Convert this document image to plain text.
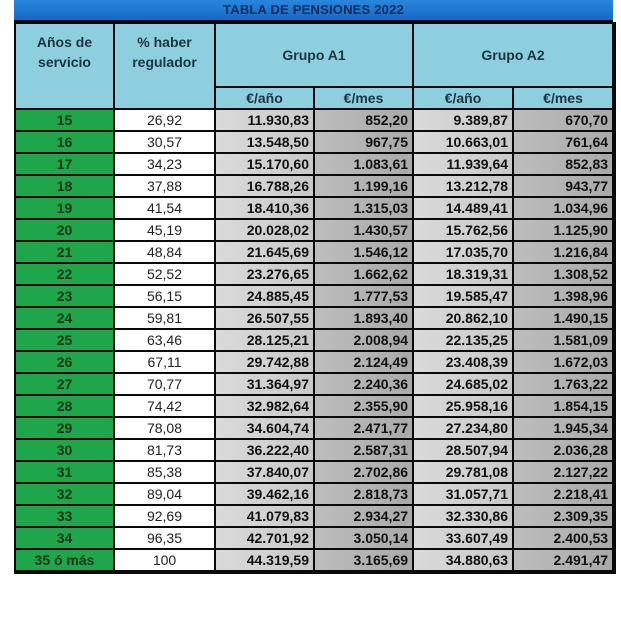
TABLA DE PENSIONES 2022
Años de
servicio

% haber
regulador	Grupo A1	Grupo A2
		€/año	€/mes	€/año	€/mes
15	26,92	11.930,83	852,20	9.389,87	670,70
16	30,57	13.548,50	967,75	10.663,01	761,64
17	34,23	15.170,60	1.083,61	11.939,64	852,83
18	37,88	16.788,26	1.199,16	13.212,78	943,77
19	41,54	18.410,36	1.315,03	14.489,41	1.034,96
20	45,19	20.028,02	1.430,57	15.762,56	1.125,90
21	48,84	21.645,69	1.546,12	17.035,70	1.216,84
22	52,52	23.276,65	1.662,62	18.319,31	1.308,52
23	56,15	24.885,45	1.777,53	19.585,47	1.398,96
24	59,81	26.507,55	1.893,40	20.862,10	1.490,15
25	63,46	28.125,21	2.008,94	22.135,25	1.581,09
26	67,11	29.742,88	2.124,49	23.408,39	1.672,03
27	70,77	31.364,97	2.240,36	24.685,02	1.763,22
28	74,42	32.982,64	2.355,90	25.958,16	1.854,15
29	78,08	34.604,74	2.471,77	27.234,80	1.945,34
30	81,73	36.222,40	2.587,31	28.507,94	2.036,28
31	85,38	37.840,07	2.702,86	29.781,08	2.127,22
32	89,04	39.462,16	2.818,73	31.057,71	2.218,41
33	92,69	41.079,83	2.934,27	32.330,86	2.309,35
34	96,35	42.701,92	3.050,14	33.607,49	2.400,53
35 ó más	100	44.319,59	3.165,69	34.880,63	2.491,47
